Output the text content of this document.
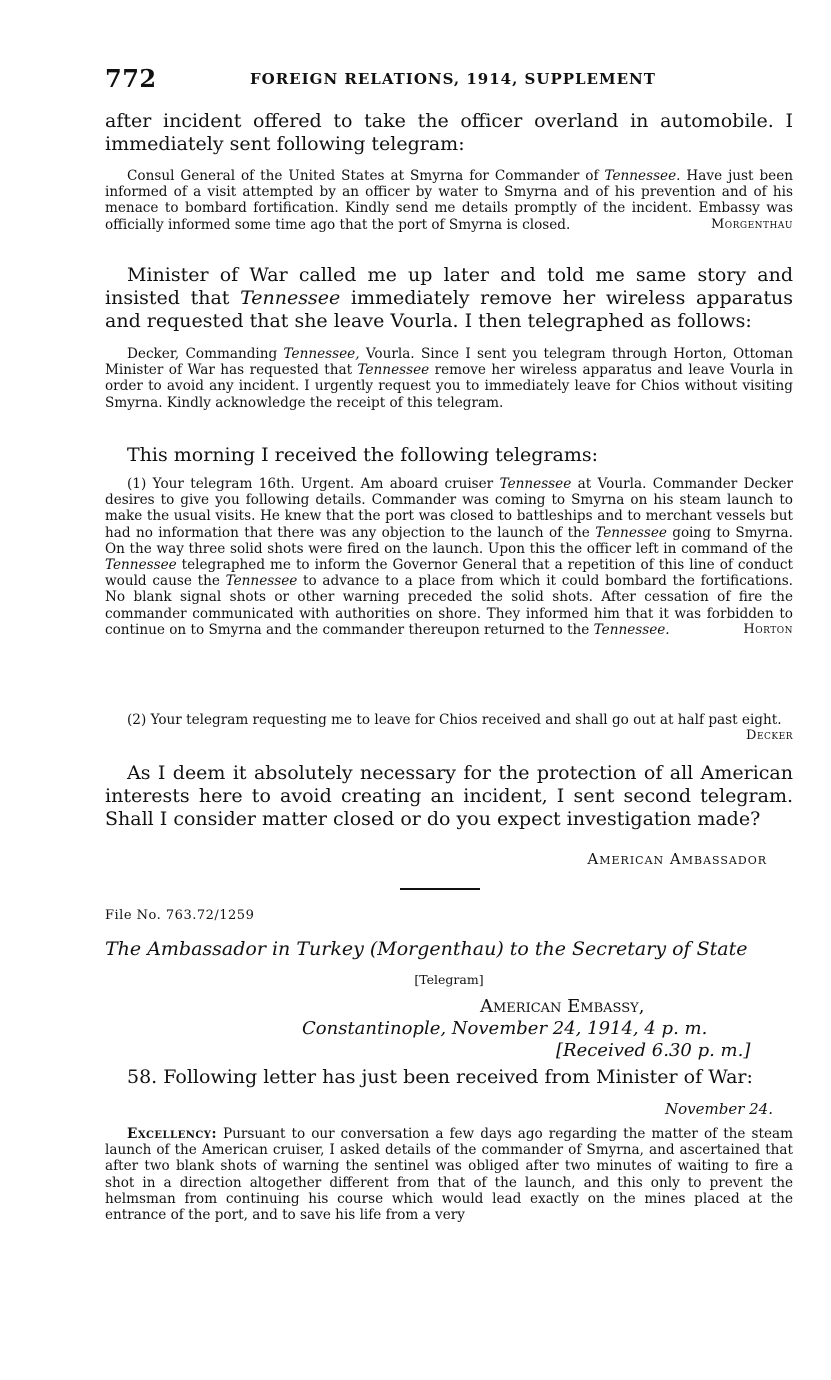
772	FOREIGN RELATIONS, 1914, SUPPLEMENT
after incident offered to take the officer overland in automobile. I immediately sent following telegram:
Consul General of the United States at Smyrna for Commander of Tennessee. Have just been informed of a visit attempted by an officer by water to Smyrna and of his prevention and of his menace to bombard fortification. Kindly send me details promptly of the incident. Embassy was officially informed some time ago that the port of Smyrna is closed.	Morgenthau
Minister of War called me up later and told me same story and insisted that Tennessee immediately remove her wireless apparatus and requested that she leave Vourla. I then telegraphed as follows:
Decker, Commanding Tennessee, Vourla. Since I sent you telegram through Horton, Ottoman Minister of War has requested that Tennessee remove her wireless apparatus and leave Vourla in order to avoid any incident. I urgently request you to immediately leave for Chios without visiting Smyrna. Kindly acknowledge the receipt of this telegram.
This morning I received the following telegrams:
(1) Your telegram 16th. Urgent. Am aboard cruiser Tennessee at Vourla. Commander Decker desires to give you following details. Commander was coming to Smyrna on his steam launch to make the usual visits. He knew that the port was closed to battleships and to merchant vessels but had no information that there was any objection to the launch of the Tennessee going to Smyrna. On the way three solid shots were fired on the launch. Upon this the officer left in command of the Tennessee telegraphed me to inform the Governor General that a repetition of this line of conduct would cause the Tennessee to advance to a place from which it could bombard the fortifications. No blank signal shots or other warning preceded the solid shots. After cessation of fire the commander communicated with authorities on shore. They informed him that it was forbidden to continue on to Smyrna and the commander thereupon returned to the Tennessee.	Horton
(2) Your telegram requesting me to leave for Chios received and shall go out at half past eight.
Decker
As I deem it absolutely necessary for the protection of all American interests here to avoid creating an incident, I sent second telegram. Shall I consider matter closed or do you expect investigation made?
American Ambassador
File No. 763.72/1259
The Ambassador in Turkey (Morgenthau) to the Secretary of State
[Telegram]
American Embassy,
Constantinople, November 24, 1914, 4 p. m.
[Received 6.30 p. m.]
58. Following letter has just been received from Minister of War:
November 24.
Excellency: Pursuant to our conversation a few days ago regarding the matter of the steam launch of the American cruiser, I asked details of the commander of Smyrna, and ascertained that after two blank shots of warning the sentinel was obliged after two minutes of waiting to fire a shot in a direction altogether different from that of the launch, and this only to prevent the helmsman from continuing his course which would lead exactly on the mines placed at the entrance of the port, and to save his life from a very
